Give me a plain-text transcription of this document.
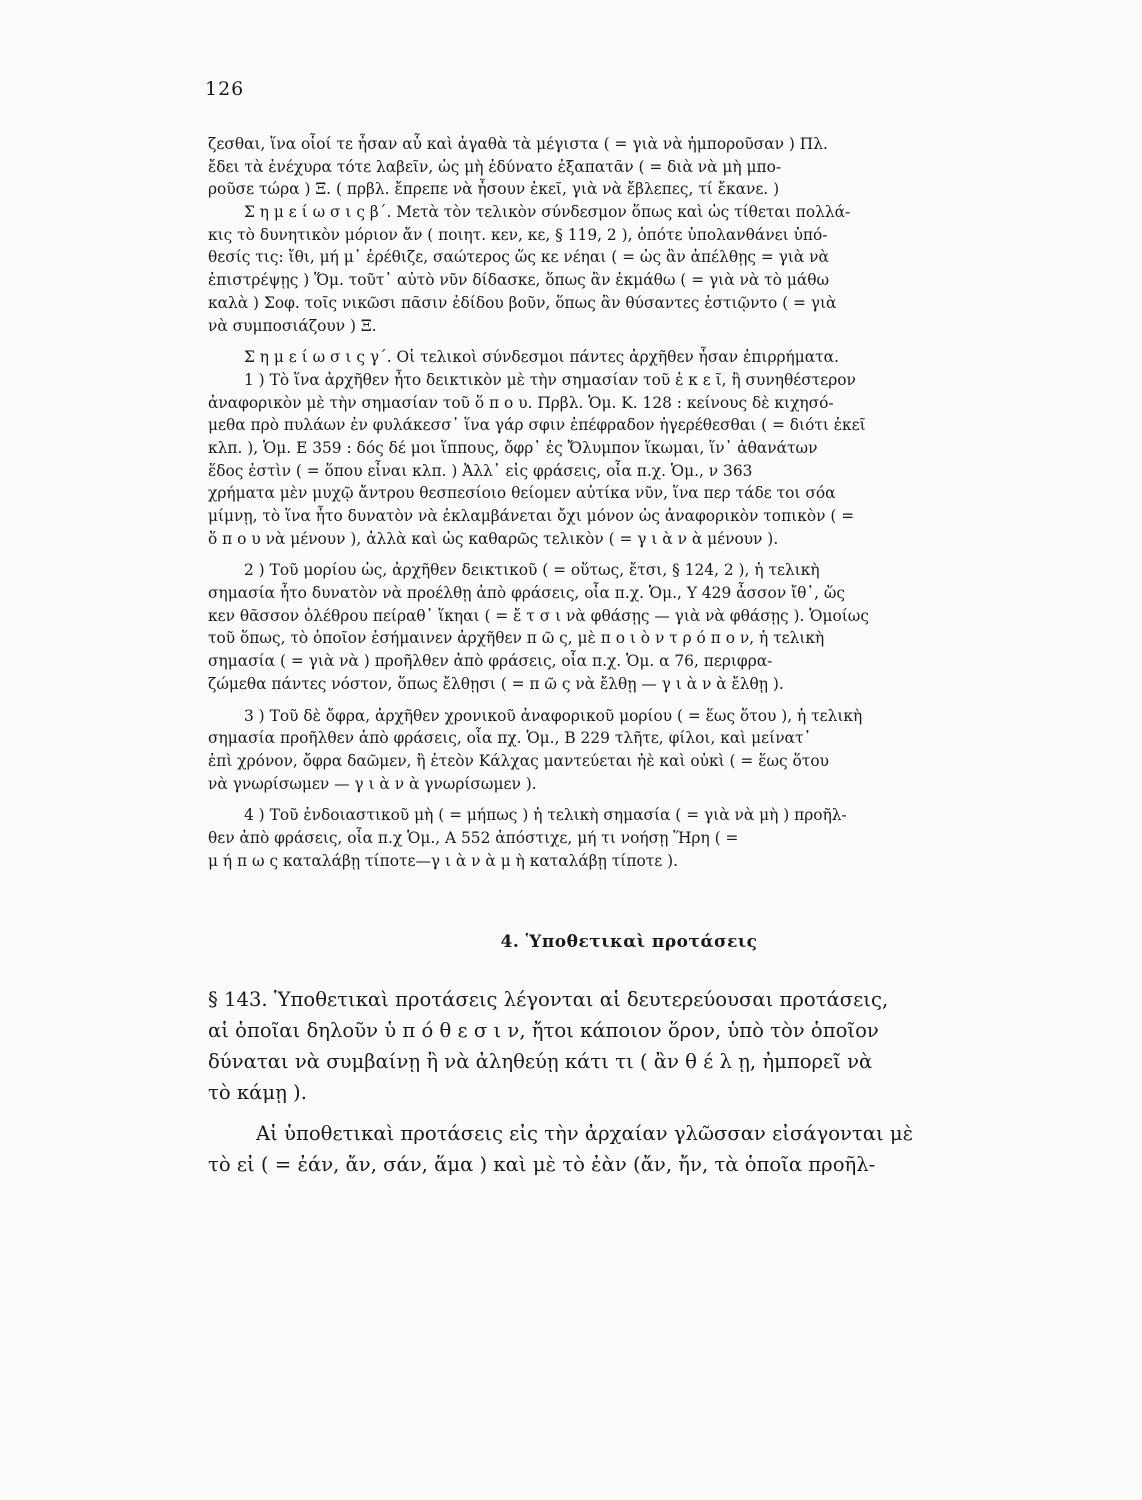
126
ζεσθαι, ἵνα οἷοί τε ἦσαν αὖ καὶ ἀγαθὰ τὰ μέγιστα ( = γιὰ νὰ ἠμποροῦσαν ) Πλ.
ἔδει τὰ ἐνέχυρα τότε λαβεῖν, ὡς μὴ ἐδύνατο ἐξαπατᾶν ( = διὰ νὰ μὴ μπο-
ροῦσε τώρα ) Ξ. ( πρβλ. ἔπρεπε νὰ ἦσουν ἐκεῖ, γιὰ νὰ ἔβλεπες, τί ἔκανε. )
Σ η μ ε ί ω σ ι ς β΄. Μετὰ τὸν τελικὸν σύνδεσμον ὅπως καὶ ὡς τίθεται πολλά-
κις τὸ δυνητικὸν μόριον ἄν ( ποιητ. κεν, κε, § 119, 2 ), ὁπότε ὑπολανθάνει ὑπό-
θεσίς τις: ἴθι, μή μ᾽ ἐρέθιζε, σαώτερος ὥς κε νέηαι ( = ὡς ἂν ἀπέλθῃς = γιὰ νὰ
ἐπιστρέψῃς ) Ὅμ. τοῦτ᾽ αὐτὸ νῦν δίδασκε, ὅπως ἂν ἐκμάθω ( = γιὰ νὰ τὸ μάθω
καλὰ ) Σοφ. τοῖς νικῶσι πᾶσιν ἐδίδου βοῦν, ὅπως ἂν θύσαντες ἑστιῷντο ( = γιὰ
νὰ συμποσιάζουν ) Ξ.
Σ η μ ε ί ω σ ι ς γ΄. Οἱ τελικοὶ σύνδεσμοι πάντες ἀρχῆθεν ἦσαν ἐπιρρήματα.
1 ) Τὸ ἵνα ἀρχῆθεν ἦτο δεικτικὸν μὲ τὴν σημασίαν τοῦ ἐ κ ε ῖ, ἢ συνηθέστερον
ἀναφορικὸν μὲ τὴν σημασίαν τοῦ ὅ π ο υ. Πρβλ. Ὁμ. Κ. 128 : κείνους δὲ κιχησό-
μεθα πρὸ πυλάων ἐν φυλάκεσσ᾽ ἵνα γάρ σφιν ἐπέφραδον ἠγερέθεσθαι ( = διότι ἐκεῖ
κλπ. ), Ὁμ. Ε 359 : δός δέ μοι ἵππους, ὄφρ᾽ ἐς Ὄλυμπον ἵκωμαι, ἵν᾽ ἀθανάτων
ἕδος ἐστὶν ( = ὅπου εἶναι κλπ. ) Ἀλλ᾽ εἰς φράσεις, οἷα π.χ. Ὁμ., ν 363
χρήματα μὲν μυχῷ ἄντρου θεσπεσίοιο θείομεν αὐτίκα νῦν, ἵνα περ τάδε τοι σόα
μίμνῃ, τὸ ἵνα ἦτο δυνατὸν νὰ ἐκλαμβάνεται ὄχι μόνον ὡς ἀναφορικὸν τοπικὸν ( =
ὅ π ο υ νὰ μένουν ), ἀλλὰ καὶ ὡς καθαρῶς τελικὸν ( = γ ι ὰ ν ὰ μένουν ).
2 ) Τοῦ μορίου ὡς, ἀρχῆθεν δεικτικοῦ ( = οὕτως, ἔτσι, § 124, 2 ), ἡ τελικὴ
σημασία ἦτο δυνατὸν νὰ προέλθῃ ἀπὸ φράσεις, οἷα π.χ. Ὁμ., Υ 429 ἆσσον ἴθ᾽, ὥς
κεν θᾶσσον ὀλέθρου πείραθ᾽ ἵκηαι ( = ἔ τ σ ι νὰ φθάσῃς — γιὰ νὰ φθάσῃς ). Ὁμοίως
τοῦ ὅπως, τὸ ὁποῖον ἐσήμαινεν ἀρχῆθεν π ῶ ς, μὲ π ο ι ὸ ν τ ρ ό π ο ν, ἡ τελικὴ
σημασία ( = γιὰ νὰ ) προῆλθεν ἀπὸ φράσεις, οἷα π.χ. Ὁμ. α 76, περιφρα-
ζώμεθα πάντες νόστον, ὅπως ἔλθῃσι ( = π ῶ ς νὰ ἔλθῃ — γ ι ὰ ν ὰ ἔλθῃ ).
3 ) Τοῦ δὲ ὄφρα, ἀρχῆθεν χρονικοῦ ἀναφορικοῦ μορίου ( = ἕως ὅτου ), ἡ τελικὴ
σημασία προῆλθεν ἀπὸ φράσεις, οἷα πχ. Ὁμ., Β 229 τλῆτε, φίλοι, καὶ μείνατ᾽
ἐπὶ χρόνον, ὄφρα δαῶμεν, ἢ ἐτεὸν Κάλχας μαντεύεται ἠὲ καὶ οὐκὶ ( = ἕως ὅτου
νὰ γνωρίσωμεν — γ ι ὰ ν ὰ γνωρίσωμεν ).
4 ) Τοῦ ἐνδοιαστικοῦ μὴ ( = μήπως ) ἡ τελικὴ σημασία ( = γιὰ νὰ μὴ ) προῆλ-
θεν ἀπὸ φράσεις, οἷα π.χ Ὁμ., Α 552 ἀπόστιχε, μή τι νοήσῃ Ἥρη ( =
μ ή π ω ς καταλάβῃ τίποτε—γ ι ὰ ν ὰ μ ὴ καταλάβῃ τίποτε ).
4. Ὑποθετικαὶ προτάσεις
§ 143. Ὑποθετικαὶ προτάσεις λέγονται αἱ δευτερεύουσαι προτάσεις,
αἱ ὁποῖαι δηλοῦν ὑ π ό θ ε σ ι ν, ἤτοι κάποιον ὅρον, ὑπὸ τὸν ὁποῖον
δύναται νὰ συμβαίνῃ ἢ νὰ ἀληθεύῃ κάτι τι ( ἂν θ έ λ ῃ, ἠμπορεῖ νὰ
τὸ κάμῃ ).
Αἱ ὑποθετικαὶ προτάσεις εἰς τὴν ἀρχαίαν γλῶσσαν εἰσάγονται μὲ
τὸ εἰ ( = ἐάν, ἄν, σάν, ἅμα ) καὶ μὲ τὸ ἐὰν (ἄν, ἤν, τὰ ὁποῖα προῆλ-
